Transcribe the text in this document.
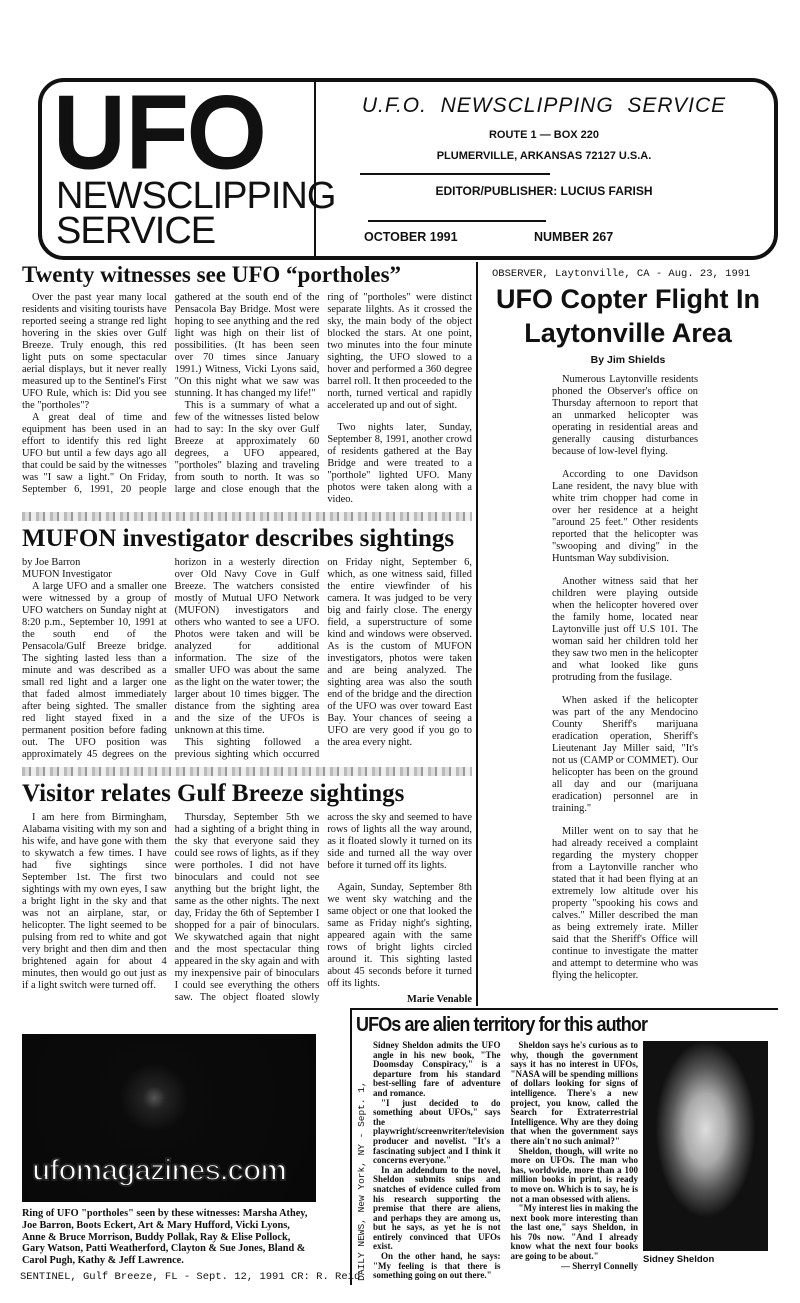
UFO
NEWSCLIPPING
SERVICE
U.F.O.  NEWSCLIPPING  SERVICE
ROUTE 1 — BOX 220
PLUMERVILLE, ARKANSAS 72127 U.S.A.
EDITOR/PUBLISHER: LUCIUS FARISH
OCTOBER 1991	NUMBER 267
Twenty witnesses see UFO “portholes”

Over the past year many local residents and visiting tourists have reported seeing a strange red light hovering in the skies over Gulf Breeze. Truly enough, this red light puts on some spectacular aerial displays, but it never really measured up to the Sentinel's First UFO Rule, which is: Did you see the "portholes"?

A great deal of time and equipment has been used in an effort to identify this red light UFO but until a few days ago all that could be said by the witnesses was "I saw a light." On Friday, September 6, 1991, 20 people gathered at the south end of the Pensacola Bay Bridge. Most were hoping to see anything and the red light was high on their list of possibilities. (It has been seen over 70 times since January 1991.) Witness, Vicki Lyons said, "On this night what we saw was stunning. It has changed my life!"

This is a summary of what a few of the witnesses listed below had to say: In the sky over Gulf Breeze at approximately 60 degrees, a UFO appeared, "portholes" blazing and traveling from south to north. It was so large and close enough that the ring of "portholes" were distinct separate lilghts. As it crossed the sky, the main body of the object blocked the stars. At one point, two minutes into the four minute sighting, the UFO slowed to a hover and performed a 360 degree barrel roll. It then proceeded to the north, turned vertical and rapidly accelerated up and out of sight.

Two nights later, Sunday, September 8, 1991, another crowd of residents gathered at the Bay Bridge and were treated to a "porthole" lighted UFO. Many photos were taken along with a video.

MUFON investigator describes sightings
by Joe Barron
MUFON Investigator

A large UFO and a smaller one were witnessed by a group of UFO watchers on Sunday night at 8:20 p.m., September 10, 1991 at the south end of the Pensacola/Gulf Breeze bridge. The sighting lasted less than a minute and was described as a small red light and a larger one that faded almost immediately after being sighted. The smaller red light stayed fixed in a permanent position before fading out. The UFO position was approximately 45 degrees on the horizon in a westerly direction over Old Navy Cove in Gulf Breeze. The watchers consisted mostly of Mutual UFO Network (MUFON) investigators and others who wanted to see a UFO. Photos were taken and will be analyzed for additional information. The size of the smaller UFO was about the same as the light on the water tower; the larger about 10 times bigger. The distance from the sighting area and the size of the UFOs is unknown at this time.

This sighting followed a previous sighting which occurred on Friday night, September 6, which, as one witness said, filled the entire viewfinder of his camera. It was judged to be very big and fairly close. The energy field, a superstructure of some kind and windows were observed. As is the custom of MUFON investigators, photos were taken and are being analyzed. The sighting area was also the south end of the bridge and the direction of the UFO was over toward East Bay. Your chances of seeing a UFO are very good if you go to the area every night.

Visitor relates Gulf Breeze sightings

I am here from Birmingham, Alabama visiting with my son and his wife, and have gone with them to skywatch a few times. I have had five sightings since September 1st. The first two sightings with my own eyes, I saw a bright light in the sky and that was not an airplane, star, or helicopter. The light seemed to be pulsing from red to white and got very bright and then dim and then brightened again for about 4 minutes, then would go out just as if a light switch were turned off.

Thursday, September 5th we had a sighting of a bright thing in the sky that everyone said they could see rows of lights, as if they were portholes. I did not have binoculars and could not see anything but the bright light, the same as the other nights. The next day, Friday the 6th of September I shopped for a pair of binoculars. We skywatched again that night and the most spectacular thing appeared in the sky again and with my inexpensive pair of binoculars I could see everything the others saw. The object floated slowly across the sky and seemed to have rows of lights all the way around, as it floated slowly it turned on its side and turned all the way over before it turned off its lights.

Again, Sunday, September 8th we went sky watching and the same object or one that looked the same as Friday night's sighting, appeared again with the same rows of bright lights circled around it. This sighting lasted about 45 seconds before it turned off its lights.

Marie Venable
OBSERVER, Laytonville, CA - Aug. 23, 1991
UFO Copter Flight In Laytonville Area
By Jim Shields

Numerous Laytonville residents phoned the Observer's office on Thursday afternoon to report that an unmarked helicopter was operating in residential areas and generally causing disturbances because of low-level flying.

According to one Davidson Lane resident, the navy blue with white trim chopper had come in over her residence at a height "around 25 feet." Other residents reported that the helicopter was "swooping and diving" in the Huntsman Way subdivision.

Another witness said that her children were playing outside when the helicopter hovered over the family home, located near Laytonville just off U.S 101. The woman said her children told her they saw two men in the helicopter and what looked like guns protruding from the fusilage.

When asked if the helicopter was part of the any Mendocino County Sheriff's marijuana eradication operation, Sheriff's Lieutenant Jay Miller said, "It's not us (CAMP or COMMET). Our helicopter has been on the ground all day and our (marijuana eradication) personnel are in training."

Miller went on to say that he had already received a complaint regarding the mystery chopper from a Laytonville rancher who stated that it had been flying at an extremely low altitude over his property "spooking his cows and calves." Miller described the man as being extremely irate. Miller said that the Sheriff's Office will continue to investigate the matter and attempt to determine who was flying the helicopter.

ufomagazines.com
Ring of UFO "portholes" seen by these witnesses: Marsha Athey, Joe Barron, Boots Eckert, Art & Mary Hufford, Vicki Lyons, Anne & Bruce Morrison, Buddy Pollak, Ray & Elise Pollock, Gary Watson, Patti Weatherford, Clayton & Sue Jones, Bland & Carol Pugh, Kathy & Jeff Lawrence.
SENTINEL, Gulf Breeze, FL - Sept. 12, 1991 CR: R. Reid
UFOs are alien territory for this author
DAILY NEWS, New York, NY - Sept. 1,

Sidney Sheldon admits the UFO angle in his new book, "The Doomsday Conspiracy," is a departure from his standard best-selling fare of adventure and romance.

"I just decided to do something about UFOs," says the playwright/screenwriter/television producer and novelist. "It's a fascinating subject and I think it concerns everyone."

In an addendum to the novel, Sheldon submits snips and snatches of evidence culled from his research supporting the premise that there are aliens, and perhaps they are among us, but he says, as yet he is not entirely convinced that UFOs exist.

On the other hand, he says: "My feeling is that there is something going on out there."

Sheldon says he's curious as to why, though the government says it has no interest in UFOs, "NASA will be spending millions of dollars looking for signs of intelligence. There's a new project, you know, called the Search for Extraterrestrial Intelligence. Why are they doing that when the government says there ain't no such animal?"

Sheldon, though, will write no more on UFOs. The man who has, worldwide, more than a 100 million books in print, is ready to move on. Which is to say, he is not a man obsessed with aliens.

"My interest lies in making the next book more interesting than the last one," says Sheldon, in his 70s now. "And I already know what the next four books are going to be about."

— Sherryl Connelly
Sidney Sheldon
